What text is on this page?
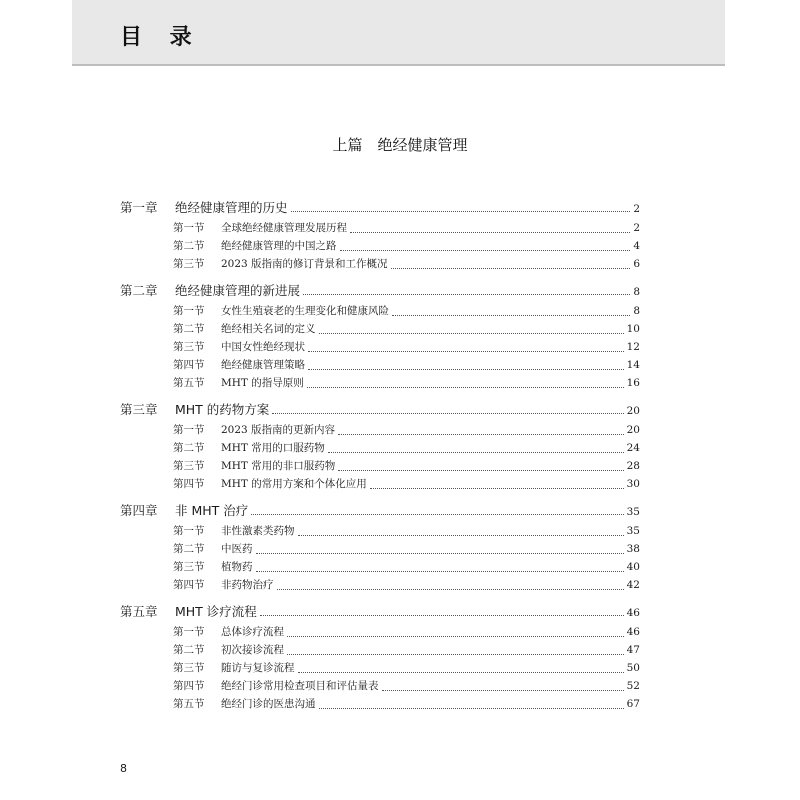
目 录
上篇　绝经健康管理
第一章	绝经健康管理的历史	2
第一节	全球绝经健康管理发展历程	2
第二节	绝经健康管理的中国之路	4
第三节	2023 版指南的修订背景和工作概况	6
第二章	绝经健康管理的新进展	8
第一节	女性生殖衰老的生理变化和健康风险	8
第二节	绝经相关名词的定义	10
第三节	中国女性绝经现状	12
第四节	绝经健康管理策略	14
第五节	MHT 的指导原则	16
第三章	MHT 的药物方案	20
第一节	2023 版指南的更新内容	20
第二节	MHT 常用的口服药物	24
第三节	MHT 常用的非口服药物	28
第四节	MHT 的常用方案和个体化应用	30
第四章	非 MHT 治疗	35
第一节	非性激素类药物	35
第二节	中医药	38
第三节	植物药	40
第四节	非药物治疗	42
第五章	MHT 诊疗流程	46
第一节	总体诊疗流程	46
第二节	初次接诊流程	47
第三节	随访与复诊流程	50
第四节	绝经门诊常用检查项目和评估量表	52
第五节	绝经门诊的医患沟通	67
8
